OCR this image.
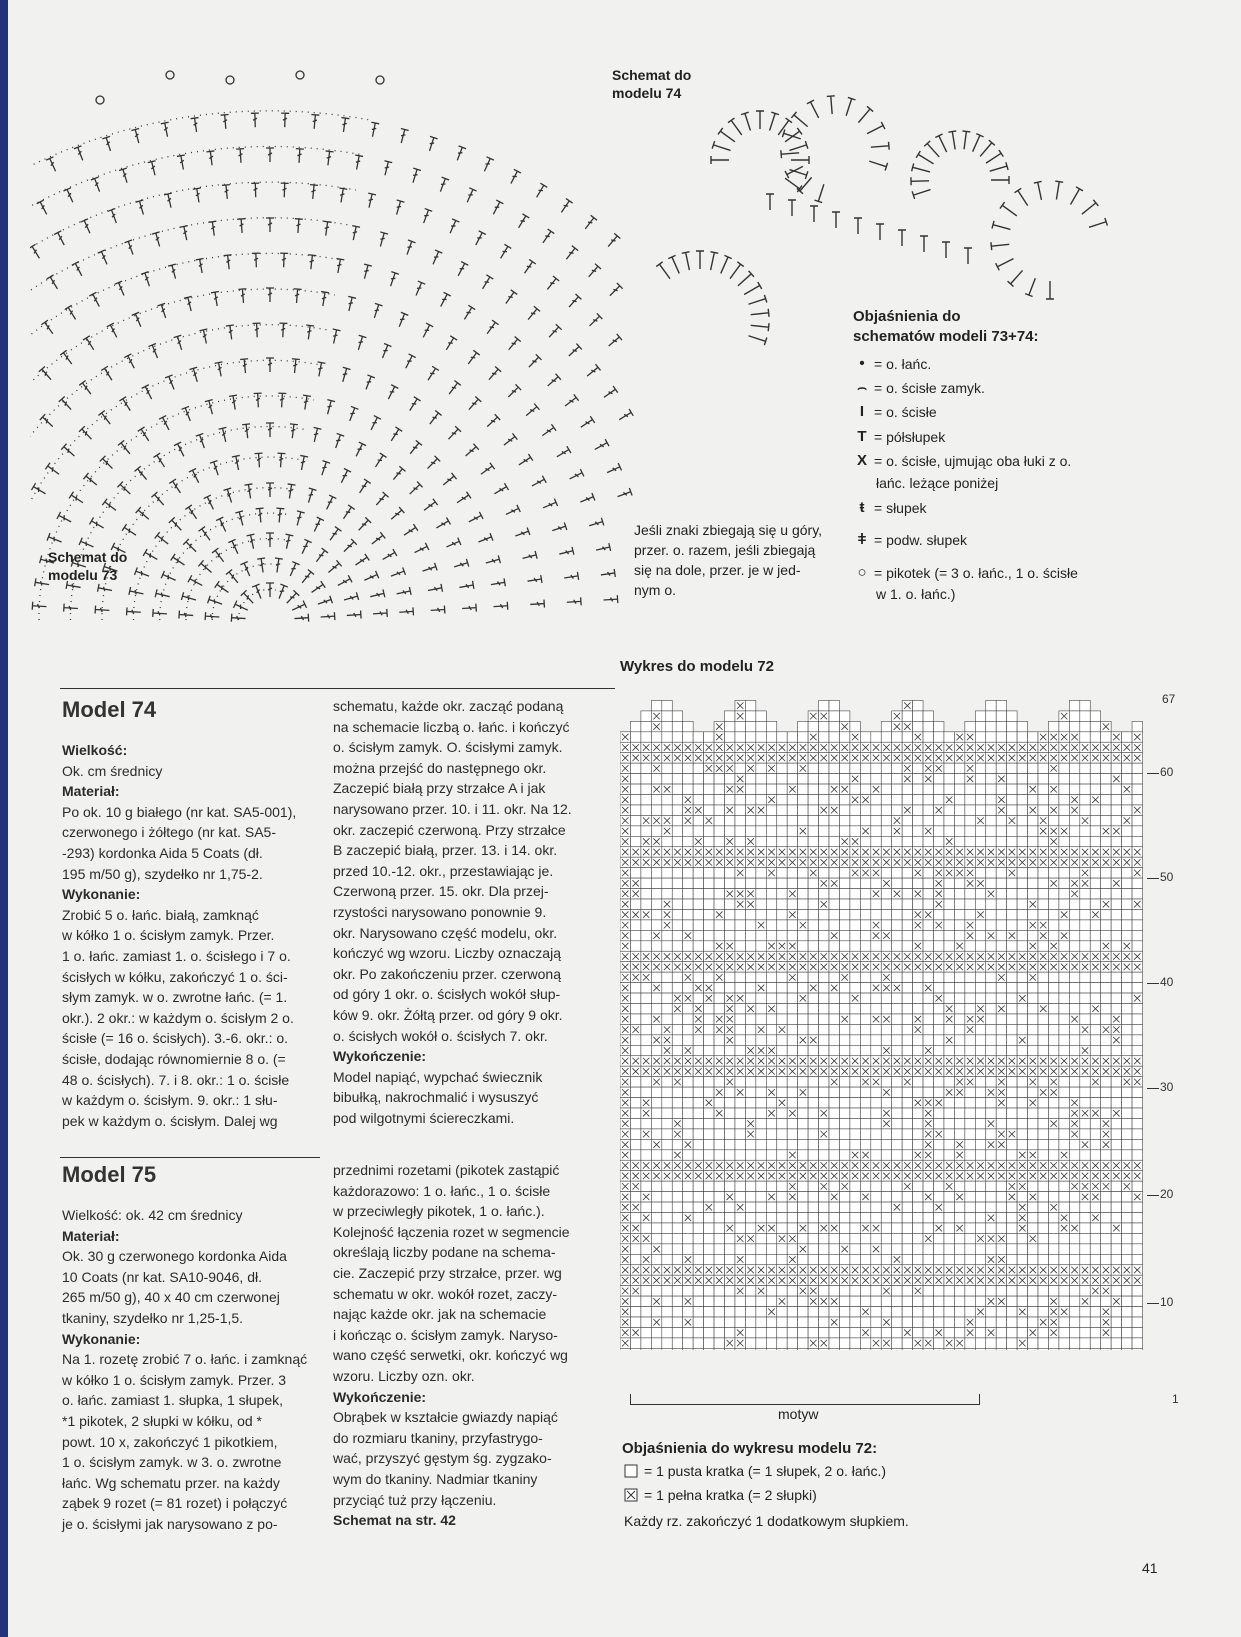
Schemat do
modelu 74
Schemat do
modelu 73
Jeśli znaki zbiegają się u góry,
przer. o. razem, jeśli zbiegają
się na dole, przer. je w jed-
nym o.
Objaśnienia do
schematów modeli 73+74:
• = o. łańc.
⌢ = o. ścisłe zamyk.
I = o. ścisłe
T = półsłupek
X = o. ścisłe, ujmując oba łuki z o.
łańc. leżące poniżej
ŧ = słupek
ǂ = podw. słupek
○ = pikotek (= 3 o. łańc., 1 o. ścisłe
w 1. o. łańc.)
Wykres do modelu 72
67
60
50
40
30
20
10
1
motyw
Objaśnienia do wykresu modelu 72:
= 1 pusta kratka (= 1 słupek, 2 o. łańc.)
= 1 pełna kratka (= 2 słupki)
Każdy rz. zakończyć 1 dodatkowym słupkiem.
Model 74

Wielkość:

Ok. cm średnicy

Materiał:

Po ok. 10 g białego (nr kat. SA5-001),

czerwonego i żółtego (nr kat. SA5-

-293) kordonka Aida 5 Coats (dł.

195 m/50 g), szydełko nr 1,75-2.

Wykonanie:

Zrobić 5 o. łańc. białą, zamknąć

w kółko 1 o. ścisłym zamyk. Przer.

1 o. łańc. zamiast 1. o. ścisłego i 7 o.

ścisłych w kółku, zakończyć 1 o. ści-

słym zamyk. w o. zwrotne łańc. (= 1.

okr.). 2 okr.: w każdym o. ścisłym 2 o.

ścisłe (= 16 o. ścisłych). 3.-6. okr.: o.

ścisłe, dodając równomiernie 8 o. (=

48 o. ścisłych). 7. i 8. okr.: 1 o. ścisłe

w każdym o. ścisłym. 9. okr.: 1 słu-

pek w każdym o. ścisłym. Dalej wg

schematu, każde okr. zacząć podaną

na schemacie liczbą o. łańc. i kończyć

o. ścisłym zamyk. O. ścisłymi zamyk.

można przejść do następnego okr.

Zaczepić białą przy strzałce A i jak

narysowano przer. 10. i 11. okr. Na 12.

okr. zaczepić czerwoną. Przy strzałce

B zaczepić białą, przer. 13. i 14. okr.

przed 10.-12. okr., przestawiając je.

Czerwoną przer. 15. okr. Dla przej-

rzystości narysowano ponownie 9.

okr. Narysowano część modelu, okr.

kończyć wg wzoru. Liczby oznaczają

okr. Po zakończeniu przer. czerwoną

od góry 1 okr. o. ścisłych wokół słup-

ków 9. okr. Żółtą przer. od góry 9 okr.

o. ścisłych wokół o. ścisłych 7. okr.

Wykończenie:

Model napiąć, wypchać świecznik

bibułką, nakrochmalić i wysuszyć

pod wilgotnymi ściereczkami.

Model 75

Wielkość: ok. 42 cm średnicy

Materiał:

Ok. 30 g czerwonego kordonka Aida

10 Coats (nr kat. SA10-9046, dł.

265 m/50 g), 40 x 40 cm czerwonej

tkaniny, szydełko nr 1,25-1,5.

Wykonanie:

Na 1. rozetę zrobić 7 o. łańc. i zamknąć

w kółko 1 o. ścisłym zamyk. Przer. 3

o. łańc. zamiast 1. słupka, 1 słupek,

*1 pikotek, 2 słupki w kółku, od *

powt. 10 x, zakończyć 1 pikotkiem,

1 o. ścisłym zamyk. w 3. o. zwrotne

łańc. Wg schematu przer. na każdy

ząbek 9 rozet (= 81 rozet) i połączyć

je o. ścisłymi jak narysowano z po-

przednimi rozetami (pikotek zastąpić

każdorazowo: 1 o. łańc., 1 o. ścisłe

w przeciwległy pikotek, 1 o. łańc.).

Kolejność łączenia rozet w segmencie

określają liczby podane na schema-

cie. Zaczepić przy strzałce, przer. wg

schematu w okr. wokół rozet, zaczy-

nając każde okr. jak na schemacie

i kończąc o. ścisłym zamyk. Naryso-

wano część serwetki, okr. kończyć wg

wzoru. Liczby ozn. okr.

Wykończenie:

Obrąbek w kształcie gwiazdy napiąć

do rozmiaru tkaniny, przyfastrygo-

wać, przyszyć gęstym śg. zygzako-

wym do tkaniny. Nadmiar tkaniny

przyciąć tuż przy łączeniu.

Schemat na str. 42

41
